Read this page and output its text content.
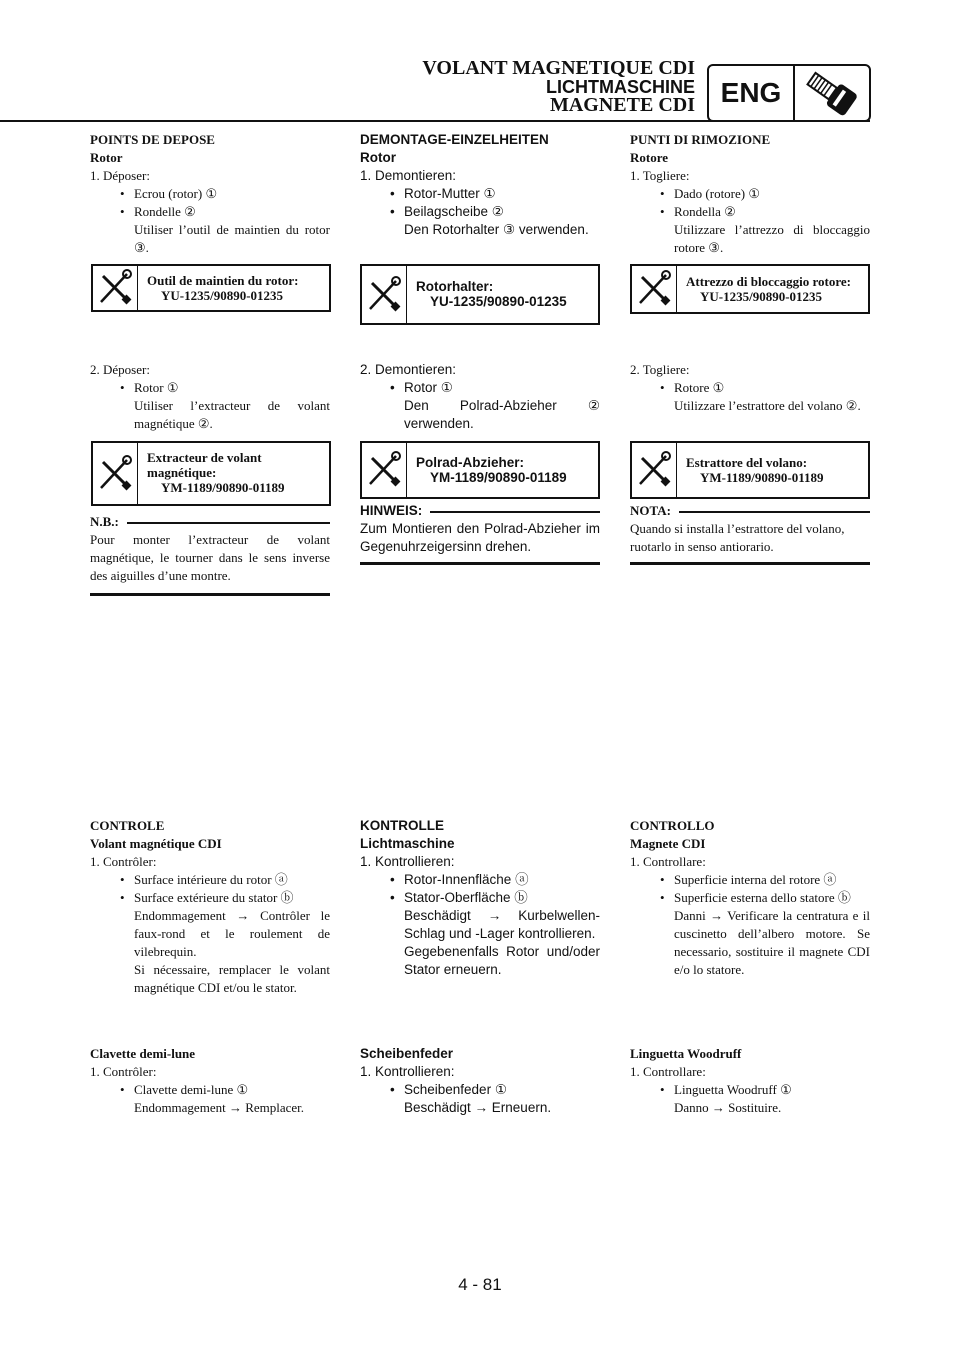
VOLANT MAGNETIQUE CDI
LICHTMASCHINE
MAGNETE CDI ENG

POINTS DE DEPOSE

Rotor

1. Déposer:

• Ecrou (rotor) ①

• Rondelle ②

Utiliser l’outil de maintien du rotor ③.

Outil de maintien du rotor:
YU-1235/90890-01235

2. Déposer:

• Rotor ①

Utiliser l’extracteur de volant magnétique ②.

Extracteur de volant magnétique:
YM-1189/90890-01189
N.B.:

Pour monter l’extracteur de volant magnétique, le tourner dans le sens inverse des aiguilles d’une montre.

CONTROLE

Volant magnétique CDI

1. Contrôler:

• Surface intérieure du rotor ⓐ

• Surface extérieure du stator ⓑ

Endommagement → Contrôler le faux-rond et le roulement de vilebrequin.

Si nécessaire, remplacer le volant magnétique CDI et/ou le stator.

Clavette demi-lune

1. Contrôler:

• Clavette demi-lune ①

Endommagement → Remplacer.

DEMONTAGE-EINZELHEITEN

Rotor

1. Demontieren:

• Rotor-Mutter ①

• Beilagscheibe ②

Den Rotorhalter ③ verwenden.

Rotorhalter:
YU-1235/90890-01235

2. Demontieren:

• Rotor ①

Den Polrad-Abzieher ② verwenden.

Polrad-Abzieher:
YM-1189/90890-01189
HINWEIS:

Zum Montieren den Polrad-Abzieher im Gegenuhrzeigersinn drehen.

KONTROLLE

Lichtmaschine

1. Kontrollieren:

• Rotor-Innenfläche ⓐ

• Stator-Oberfläche ⓑ

Beschädigt → Kurbelwellen-Schlag und -Lager kontrollieren.

Gegebenenfalls Rotor und/oder Stator erneuern.

Scheibenfeder

1. Kontrollieren:

• Scheibenfeder ①

Beschädigt → Erneuern.

PUNTI DI RIMOZIONE

Rotore

1. Togliere:

• Dado (rotore) ①

• Rondella ②

Utilizzare l’attrezzo di bloccaggio rotore ③.

Attrezzo di bloccaggio rotore:
YU-1235/90890-01235

2. Togliere:

• Rotore ①

Utilizzare l’estrattore del volano ②.

Estrattore del volano:
YM-1189/90890-01189
NOTA:

Quando si installa l’estrattore del volano, ruotarlo in senso antiorario.

CONTROLLO

Magnete CDI

1. Controllare:

• Superficie interna del rotore ⓐ

• Superficie esterna dello statore ⓑ

Danni → Verificare la centratura e il cuscinetto dell’albero motore. Se necessario, sostituire il magnete CDI e/o lo statore.

Linguetta Woodruff

1. Controllare:

• Linguetta Woodruff ①

Danno → Sostituire.

4 - 81
